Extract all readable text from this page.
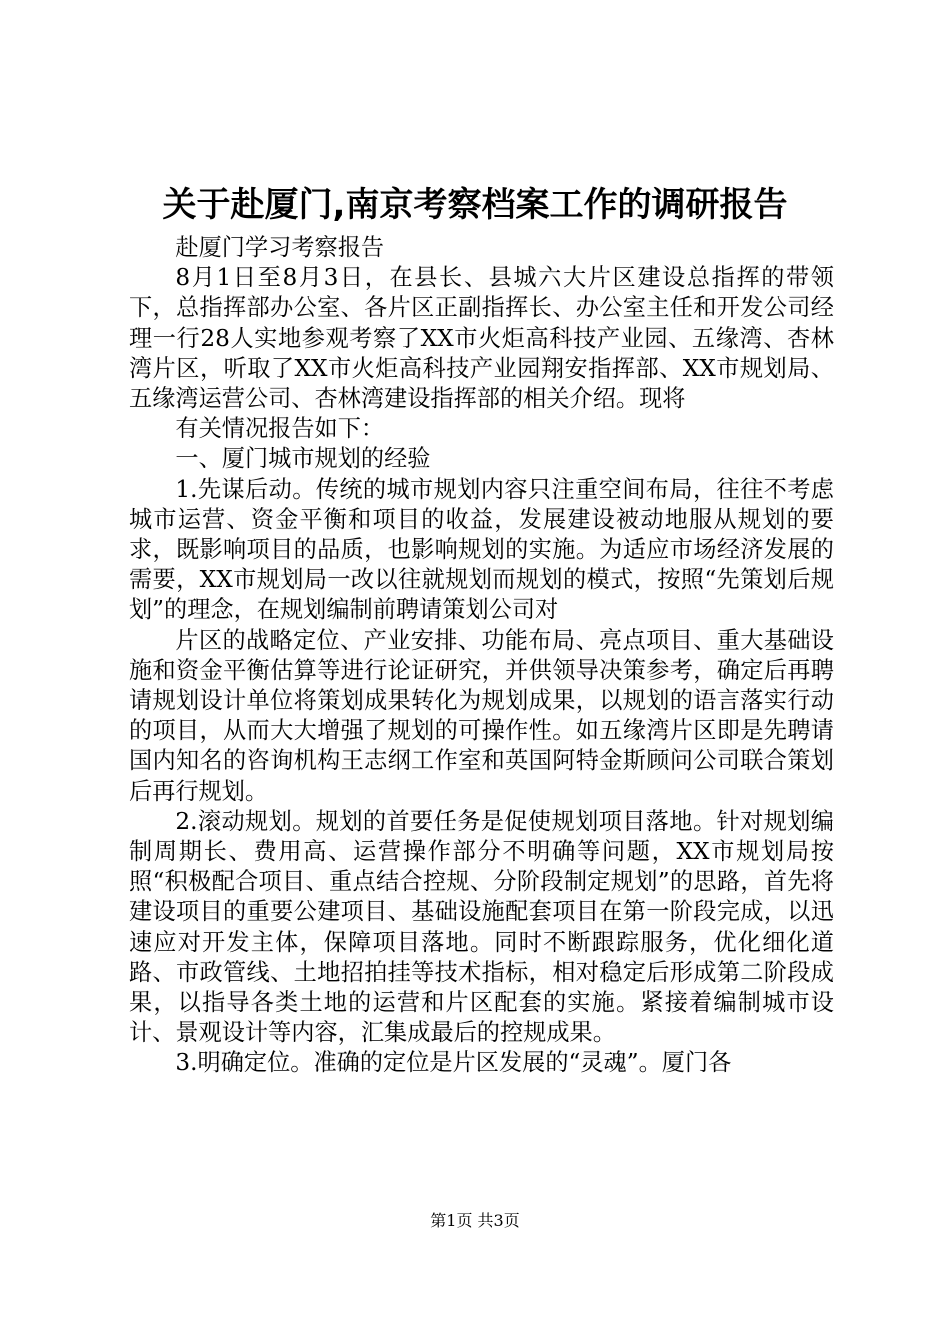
关于赴厦门,南京考察档案工作的调研报告

赴厦门学习考察报告

8月1日至8月3日，在县长、县城六大片区建设总指挥的带领下，总指挥部办公室、各片区正副指挥长、办公室主任和开发公司经理一行28人实地参观考察了XX市火炬高科技产业园、五缘湾、杏林湾片区，听取了XX市火炬高科技产业园翔安指挥部、XX市规划局、五缘湾运营公司、杏林湾建设指挥部的相关介绍。现将

有关情况报告如下：

一、厦门城市规划的经验

1.先谋后动。传统的城市规划内容只注重空间布局，往往不考虑城市运营、资金平衡和项目的收益，发展建设被动地服从规划的要求，既影响项目的品质，也影响规划的实施。为适应市场经济发展的需要，XX市规划局一改以往就规划而规划的模式，按照“先策划后规划”的理念，在规划编制前聘请策划公司对

片区的战略定位、产业安排、功能布局、亮点项目、重大基础设施和资金平衡估算等进行论证研究，并供领导决策参考，确定后再聘请规划设计单位将策划成果转化为规划成果，以规划的语言落实行动的项目，从而大大增强了规划的可操作性。如五缘湾片区即是先聘请国内知名的咨询机构王志纲工作室和英国阿特金斯顾问公司联合策划后再行规划。

2.滚动规划。规划的首要任务是促使规划项目落地。针对规划编制周期长、费用高、运营操作部分不明确等问题，XX市规划局按照“积极配合项目、重点结合控规、分阶段制定规划”的思路，首先将建设项目的重要公建项目、基础设施配套项目在第一阶段完成，以迅速应对开发主体，保障项目落地。同时不断跟踪服务，优化细化道路、市政管线、土地招拍挂等技术指标，相对稳定后形成第二阶段成果，以指导各类土地的运营和片区配套的实施。紧接着编制城市设计、景观设计等内容，汇集成最后的控规成果。

3.明确定位。准确的定位是片区发展的“灵魂”。厦门各

第1页 共3页
